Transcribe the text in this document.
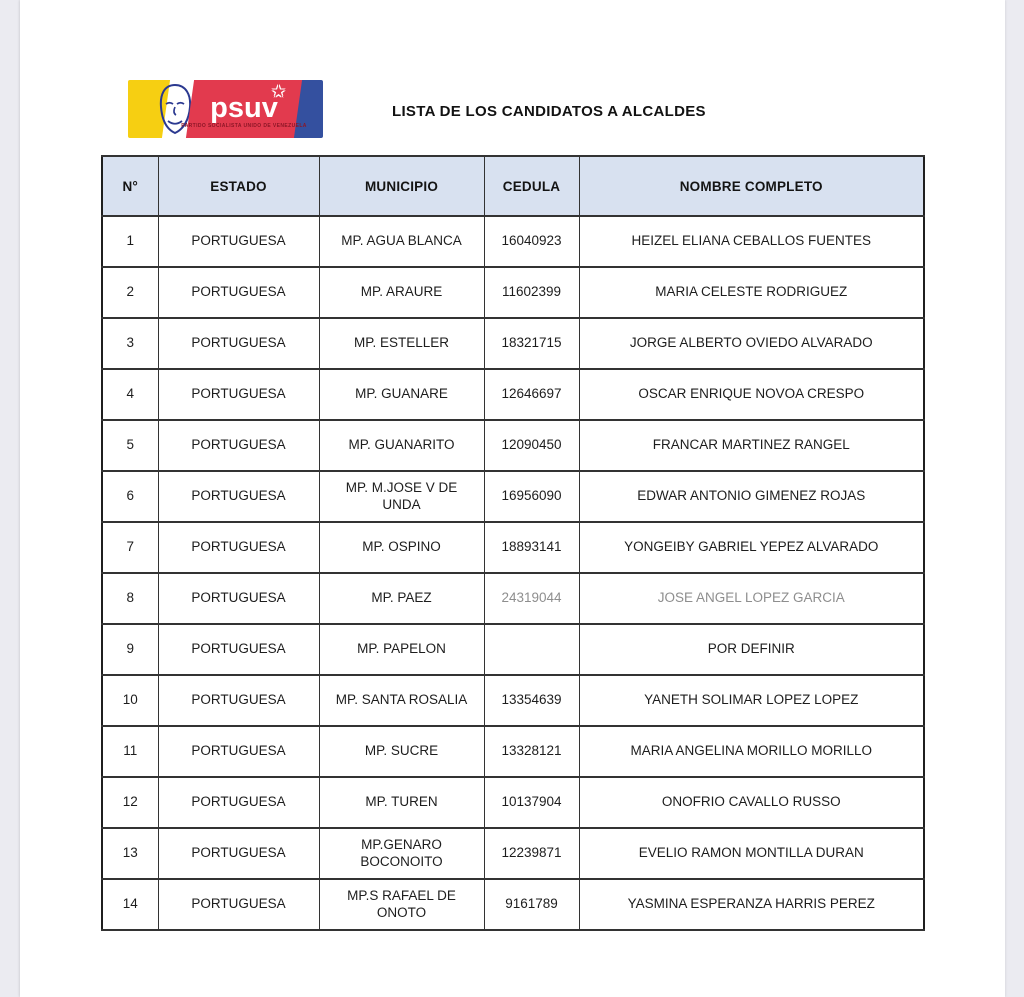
psuv
★
PARTIDO SOCIALISTA UNIDO DE VENEZUELA
LISTA DE LOS CANDIDATOS A ALCALDES
N°	ESTADO	MUNICIPIO	CEDULA	NOMBRE COMPLETO
1	PORTUGUESA	MP. AGUA BLANCA	16040923	HEIZEL ELIANA CEBALLOS FUENTES
2	PORTUGUESA	MP. ARAURE	11602399	MARIA CELESTE RODRIGUEZ
3	PORTUGUESA	MP. ESTELLER	18321715	JORGE ALBERTO OVIEDO ALVARADO
4	PORTUGUESA	MP. GUANARE	12646697	OSCAR ENRIQUE NOVOA CRESPO
5	PORTUGUESA	MP. GUANARITO	12090450	FRANCAR MARTINEZ RANGEL
6	PORTUGUESA	MP. M.JOSE V DE UNDA	16956090	EDWAR ANTONIO GIMENEZ ROJAS
7	PORTUGUESA	MP. OSPINO	18893141	YONGEIBY GABRIEL YEPEZ ALVARADO
8	PORTUGUESA	MP. PAEZ	24319044	JOSE ANGEL LOPEZ GARCIA
9	PORTUGUESA	MP. PAPELON		POR DEFINIR
10	PORTUGUESA	MP. SANTA ROSALIA	13354639	YANETH SOLIMAR LOPEZ LOPEZ
11	PORTUGUESA	MP. SUCRE	13328121	MARIA ANGELINA MORILLO MORILLO
12	PORTUGUESA	MP. TUREN	10137904	ONOFRIO CAVALLO RUSSO
13	PORTUGUESA	MP.GENARO BOCONOITO	12239871	EVELIO RAMON MONTILLA DURAN
14	PORTUGUESA	MP.S RAFAEL DE ONOTO	9161789	YASMINA ESPERANZA HARRIS PEREZ
